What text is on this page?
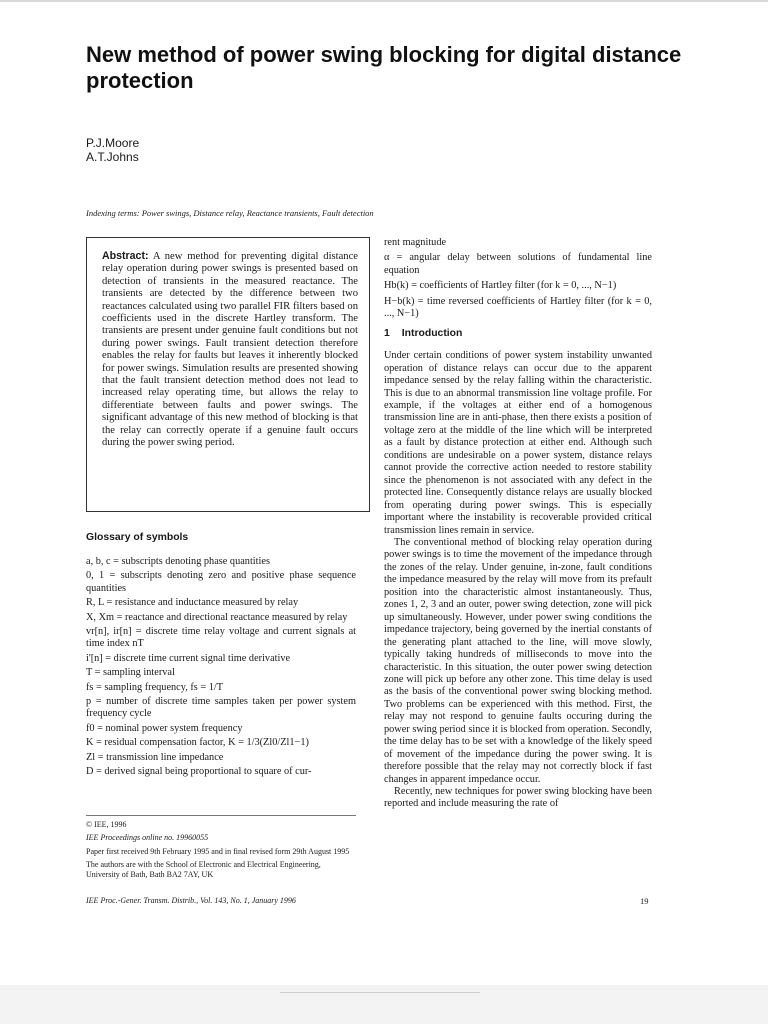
New method of power swing blocking for digital distance protection
P.J.Moore
A.T.Johns
Indexing terms: Power swings, Distance relay, Reactance transients, Fault detection

Abstract: A new method for preventing digital distance relay operation during power swings is presented based on detection of transients in the measured reactance. The transients are detected by the difference between two reactances calculated using two parallel FIR filters based on coefficients used in the discrete Hartley transform. The transients are present under genuine fault conditions but not during power swings. Fault transient detection therefore enables the relay for faults but leaves it inherently blocked for power swings. Simulation results are presented showing that the fault transient detection method does not lead to increased relay operating time, but allows the relay to differentiate between faults and power swings. The significant advantage of this new method of blocking is that the relay can correctly operate if a genuine fault occurs during the power swing period.

Glossary of symbols

a, b, c = subscripts denoting phase quantities

0, 1 = subscripts denoting zero and positive phase sequence quantities

R, L = resistance and inductance measured by relay

X, Xm = reactance and directional reactance measured by relay

vr[n], ir[n] = discrete time relay voltage and current signals at time index nT

i'[n] = discrete time current signal time derivative

T = sampling interval

fs = sampling frequency, fs = 1/T

p = number of discrete time samples taken per power system frequency cycle

f0 = nominal power system frequency

K = residual compensation factor, K = 1/3(Zl0/Zl1−1)

Zl = transmission line impedance

D = derived signal being proportional to square of cur-

© IEE, 1996

IEE Proceedings online no. 19960055

Paper first received 9th February 1995 and in final revised form 29th August 1995

The authors are with the School of Electronic and Electrical Engineering, University of Bath, Bath BA2 7AY, UK

rent magnitude

α = angular delay between solutions of fundamental line equation

Hb(k) = coefficients of Hartley filter (for k = 0, ..., N−1)

H−b(k) = time reversed coefficients of Hartley filter (for k = 0, ..., N−1)

1 Introduction

Under certain conditions of power system instability unwanted operation of distance relays can occur due to the apparent impedance sensed by the relay falling within the characteristic. This is due to an abnormal transmission line voltage profile. For example, if the voltages at either end of a homogenous transmission line are in anti-phase, then there exists a position of voltage zero at the middle of the line which will be interpreted as a fault by distance protection at either end. Although such conditions are undesirable on a power system, distance relays cannot provide the corrective action needed to restore stability since the phenomenon is not associated with any defect in the protected line. Consequently distance relays are usually blocked from operating during power swings. This is especially important where the instability is recoverable provided critical transmission lines remain in service.

The conventional method of blocking relay operation during power swings is to time the movement of the impedance through the zones of the relay. Under genuine, in-zone, fault conditions the impedance measured by the relay will move from its prefault position into the characteristic almost instantaneously. Thus, zones 1, 2, 3 and an outer, power swing detection, zone will pick up simultaneously. However, under power swing conditions the impedance trajectory, being governed by the inertial constants of the generating plant attached to the line, will move slowly, typically taking hundreds of milliseconds to move into the characteristic. In this situation, the outer power swing detection zone will pick up before any other zone. This time delay is used as the basis of the conventional power swing blocking method. Two problems can be experienced with this method. First, the relay may not respond to genuine faults occuring during the power swing period since it is blocked from operation. Secondly, the time delay has to be set with a knowledge of the likely speed of movement of the impedance during the power swing. It is therefore possible that the relay may not correctly block if fast changes in apparent impedance occur.

Recently, new techniques for power swing blocking have been reported and include measuring the rate of

IEE Proc.-Gener. Transm. Distrib., Vol. 143, No. 1, January 1996	19
